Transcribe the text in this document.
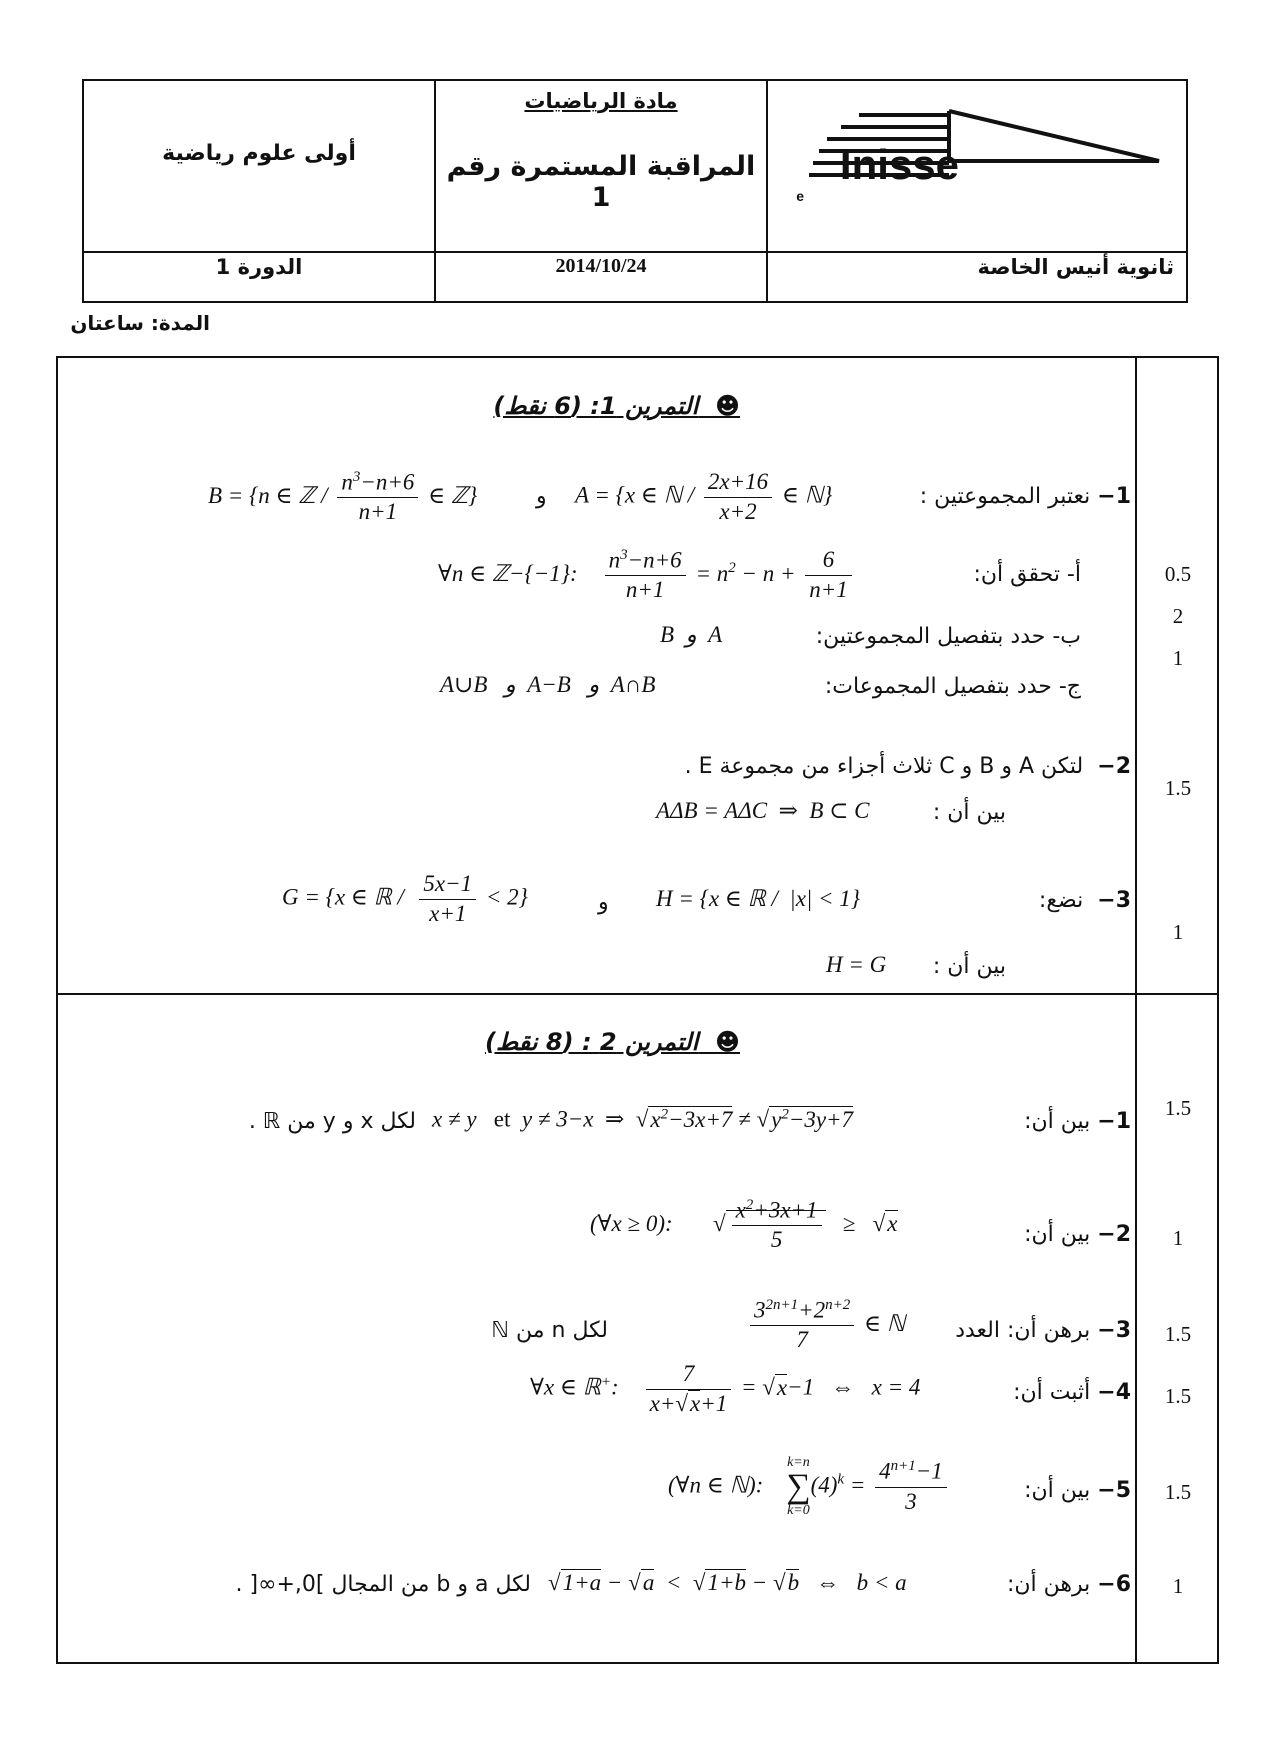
Inisse
e
مادة الرياضيات
المراقبة المستمرة رقم 1
أولى علوم رياضية
ثانوية أنيس الخاصة
2014/10/24
الدورة 1
المدة: ساعتان
☻  التمرين 1: (6 نقط)
1− نعتبر المجموعتين :
A = {x ∈ ℕ / $\frac{2x+16}{x+2}$ ∈ ℕ}
و
B = {n ∈ ℤ / $\frac{n^3-n+6}{n+1}$ ∈ ℤ}
أ- تحقق أن:
∀n ∈ ℤ−{−1}: $\frac{n^3-n+6}{n+1} = n^2 - n + \frac{6}{n+1}$
ب- حدد بتفصيل المجموعتين:
B  و  A
ج- حدد بتفصيل المجموعات:
A∪B   و  A−B   و  A∩B
2−  لتكن A و B و C ثلاث أجزاء من مجموعة E .
بين أن :
AΔB = AΔC  ⇒  B ⊂ C
3−  نضع:
H = {x ∈ ℝ /  |x| < 1}
و
G = {x ∈ ℝ / $\frac{5x-1}{x+1} < 2$}
بين أن :
H = G
☻  التمرين 2 : (8 نقط)
1− بين أن:
x ≠ y   et  y ≠ 3−x  ⇒  $√x^2-3x+7 \ne √y^2-3y+7$
لكل x و y من ℝ .
2− بين أن:
(∀x ≥ 0):       √ $\frac{x^2+3x+1}{5} \ge √x$
3− برهن أن: العدد
$\frac{3^{2n+1}+2^{n+2}}{7}$ ∈ ℕ
لكل n من ℕ
4− أثبت أن:
∀x ∈ ℝ+: $\frac{7}{x+√x+1} = √x-1$   ⇔   x = 4
5− بين أن:
(∀n ∈ ℕ):    k=n
∑
$k=0(4)^k = \frac{4^{n+1}-1}{3}$
6− برهن أن:
√1+a − √a  <  √1+b − √b   ⇔   b < a
لكل a و b من المجال ]0,+∞[ .
0.5
2
1
1.5
1
1.5
1
1.5
1.5
1.5
1
